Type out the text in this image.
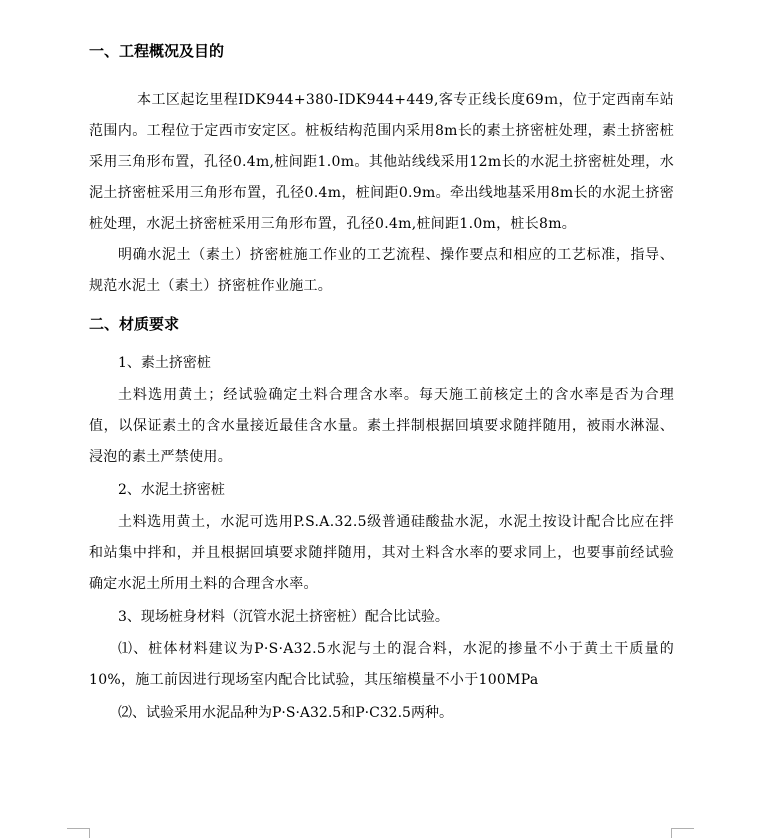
一、工程概况及目的

本工区起讫里程IDK944+380-IDK944+449,客专正线长度69ｍ，位于定西南车站范围内。工程位于定西市安定区。桩板结构范围内采用8m长的素土挤密桩处理，素土挤密桩采用三角形布置，孔径0.4m,桩间距1.0m。其他站线线采用12m长的水泥土挤密桩处理，水泥土挤密桩采用三角形布置，孔径0.4m，桩间距0.9m。牵出线地基采用8m长的水泥土挤密桩处理，水泥土挤密桩采用三角形布置，孔径0.4m,桩间距1.0m，桩长8m。

明确水泥土（素土）挤密桩施工作业的工艺流程、操作要点和相应的工艺标准，指导、规范水泥土（素土）挤密桩作业施工。

二、材质要求

1、素土挤密桩

土料选用黄土；经试验确定土料合理含水率。每天施工前核定土的含水率是否为合理值，以保证素土的含水量接近最佳含水量。素土拌制根据回填要求随拌随用，被雨水淋湿、浸泡的素土严禁使用。

2、水泥土挤密桩

土料选用黄土，水泥可选用P.S.A.32.5级普通硅酸盐水泥，水泥土按设计配合比应在拌和站集中拌和，并且根据回填要求随拌随用，其对土料含水率的要求同上，也要事前经试验确定水泥土所用土料的合理含水率。

3、现场桩身材料（沉管水泥土挤密桩）配合比试验。

⑴、桩体材料建议为P·S·A32.5水泥与土的混合料，水泥的掺量不小于黄土干质量的10%，施工前因进行现场室内配合比试验，其压缩模量不小于100MPa

⑵、试验采用水泥品种为P·S·A32.5和P·C32.5两种。
